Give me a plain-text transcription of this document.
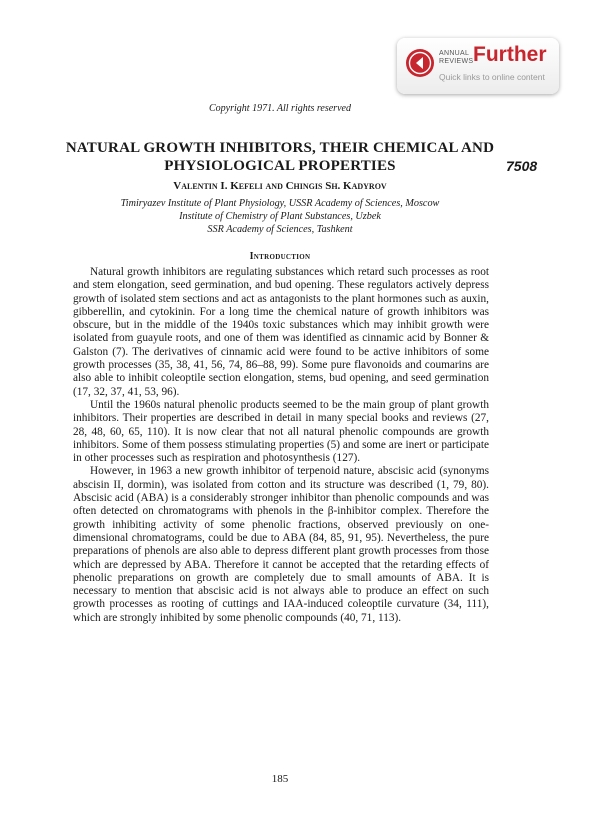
ANNUAL
REVIEWS Further
Quick links to online content
Copyright 1971. All rights reserved
NATURAL GROWTH INHIBITORS, THEIR CHEMICAL AND PHYSIOLOGICAL PROPERTIES	7508
Valentin I. Kefeli and Chingis Sh. Kadyrov
Timiryazev Institute of Plant Physiology, USSR Academy of Sciences, Moscow
Institute of Chemistry of Plant Substances, Uzbek
SSR Academy of Sciences, Tashkent
Introduction

Natural growth inhibitors are regulating substances which retard such processes as root and stem elongation, seed germination, and bud opening. These regulators actively depress growth of isolated stem sections and act as antagonists to the plant hormones such as auxin, gibberellin, and cytokinin. For a long time the chemical nature of growth inhibitors was obscure, but in the middle of the 1940s toxic substances which may inhibit growth were isolated from guayule roots, and one of them was identified as cinnamic acid by Bonner & Galston (7). The derivatives of cinnamic acid were found to be active inhibitors of some growth processes (35, 38, 41, 56, 74, 86–88, 99). Some pure flavonoids and coumarins are also able to inhibit coleoptile section elongation, stems, bud opening, and seed germination (17, 32, 37, 41, 53, 96).

Until the 1960s natural phenolic products seemed to be the main group of plant growth inhibitors. Their properties are described in detail in many special books and reviews (27, 28, 48, 60, 65, 110). It is now clear that not all natural phenolic compounds are growth inhibitors. Some of them possess stimulating properties (5) and some are inert or participate in other processes such as respiration and photosynthesis (127).

However, in 1963 a new growth inhibitor of terpenoid nature, abscisic acid (synonyms abscisin II, dormin), was isolated from cotton and its structure was described (1, 79, 80). Abscisic acid (ABA) is a considerably stronger inhibitor than phenolic compounds and was often detected on chromatograms with phenols in the β-inhibitor complex. Therefore the growth inhibiting activity of some phenolic fractions, observed previously on one-dimensional chromatograms, could be due to ABA (84, 85, 91, 95). Nevertheless, the pure preparations of phenols are also able to depress different plant growth processes from those which are depressed by ABA. Therefore it cannot be accepted that the retarding effects of phenolic preparations on growth are completely due to small amounts of ABA. It is necessary to mention that abscisic acid is not always able to produce an effect on such growth processes as rooting of cuttings and IAA-induced coleoptile curvature (34, 111), which are strongly inhibited by some phenolic compounds (40, 71, 113).

185
